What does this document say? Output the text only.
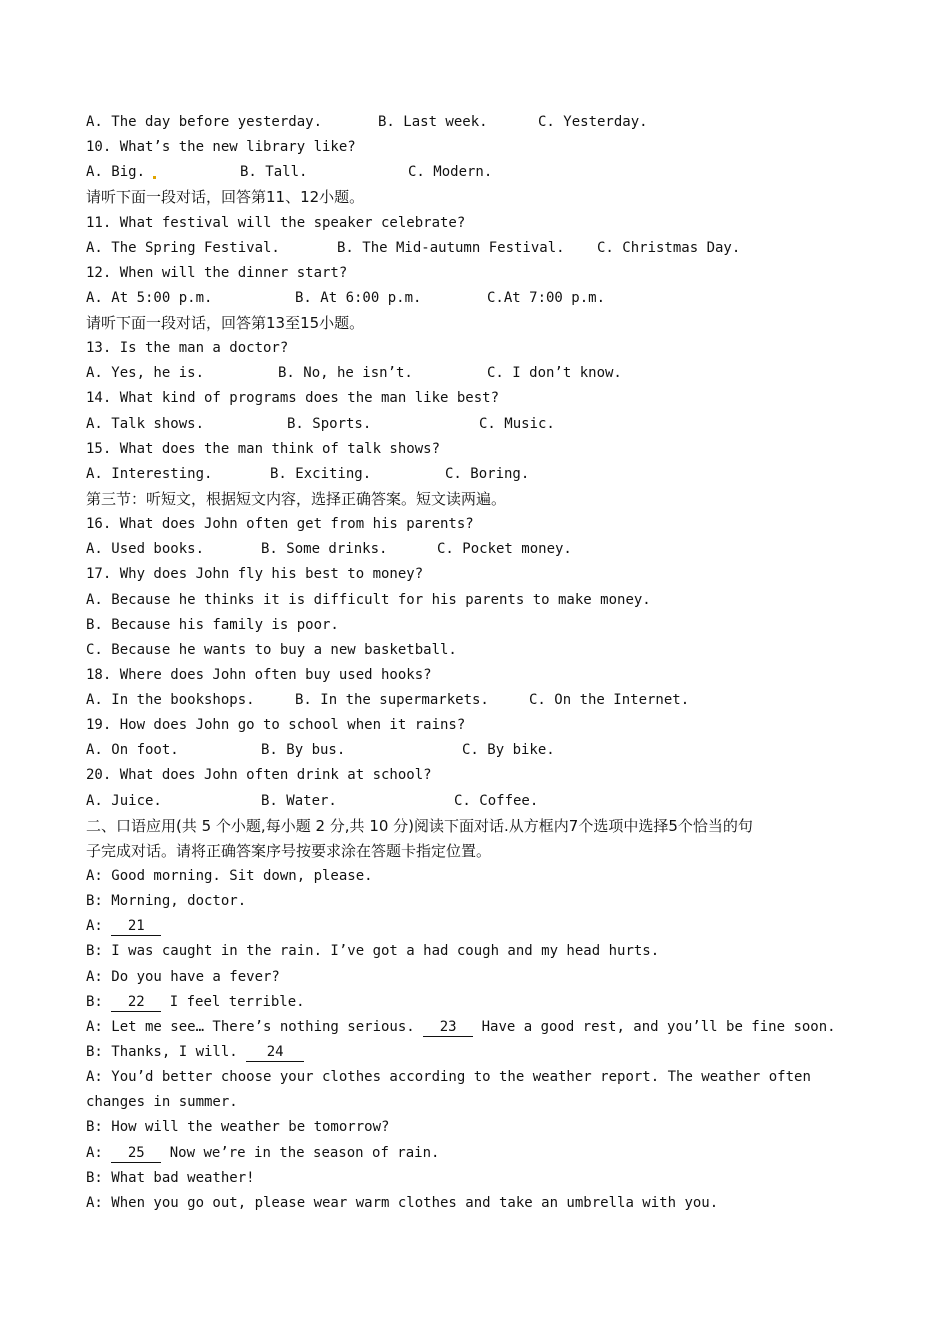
A. The day before yesterday.

	B. Last week.

	C. Yesterday.

10. What’s the new library like?

A. Big.

	B. Tall.

	C. Modern.

请听下面一段对话，回答第11、12小题。
11. What festival will the speaker celebrate?

A. The Spring Festival.

	B. The Mid-autumn Festival.

C. Christmas Day.

12. When will the dinner start?

A. At 5:00 p.m.

	B. At 6:00 p.m.

	C.At 7:00 p.m.

请听下面一段对话，回答第13至15小题。
13. Is the man a doctor?

A. Yes, he is.

	B. No, he isn’t.

	C. I don’t know.

14. What kind of programs does the man like best?

A. Talk shows.

	B. Sports.

	C. Music.

15. What does the man think of talk shows?

A. Interesting.

	B. Exciting.

	C. Boring.

第三节：听短文，根据短文内容，选择正确答案。短文读两遍。
16. What does John often get from his parents?

A. Used books.

	B. Some drinks.

	C. Pocket money.

17. Why does John fly his best to money?
A. Because he thinks it is difficult for his parents to make money.
B. Because his family is poor.
C. Because he wants to buy a new basketball.
18. Where does John often buy used hooks?

A. In the bookshops.

	B. In the supermarkets.

	C. On the Internet.

19. How does John go to school when it rains?

A. On foot.

	B. By bus.

	C. By bike.

20. What does John often drink at school?

A. Juice.

	B. Water.

	C. Coffee.

二、口语应用(共 5 个小题,每小题 2 分,共 10 分)阅读下面对话.从方框内7个选项中选择5个恰当的句
子完成对话。请将正确答案序号按要求涂在答题卡指定位置。
A: Good morning. Sit down, please.
B: Morning, doctor.
A: 21
B: I was caught in the rain. I’ve got a had cough and my head hurts.
A: Do you have a fever?
B: 22 I feel terrible.
A: Let me see… There’s nothing serious. 23 Have a good rest, and you’ll be fine soon.
B: Thanks, I will. 24
A: You’d better choose your clothes according to the weather report. The weather often
changes in summer.
B: How will the weather be tomorrow?
A: 25 Now we’re in the season of rain.
B: What bad weather!
A: When you go out, please wear warm clothes and take an umbrella with you.
